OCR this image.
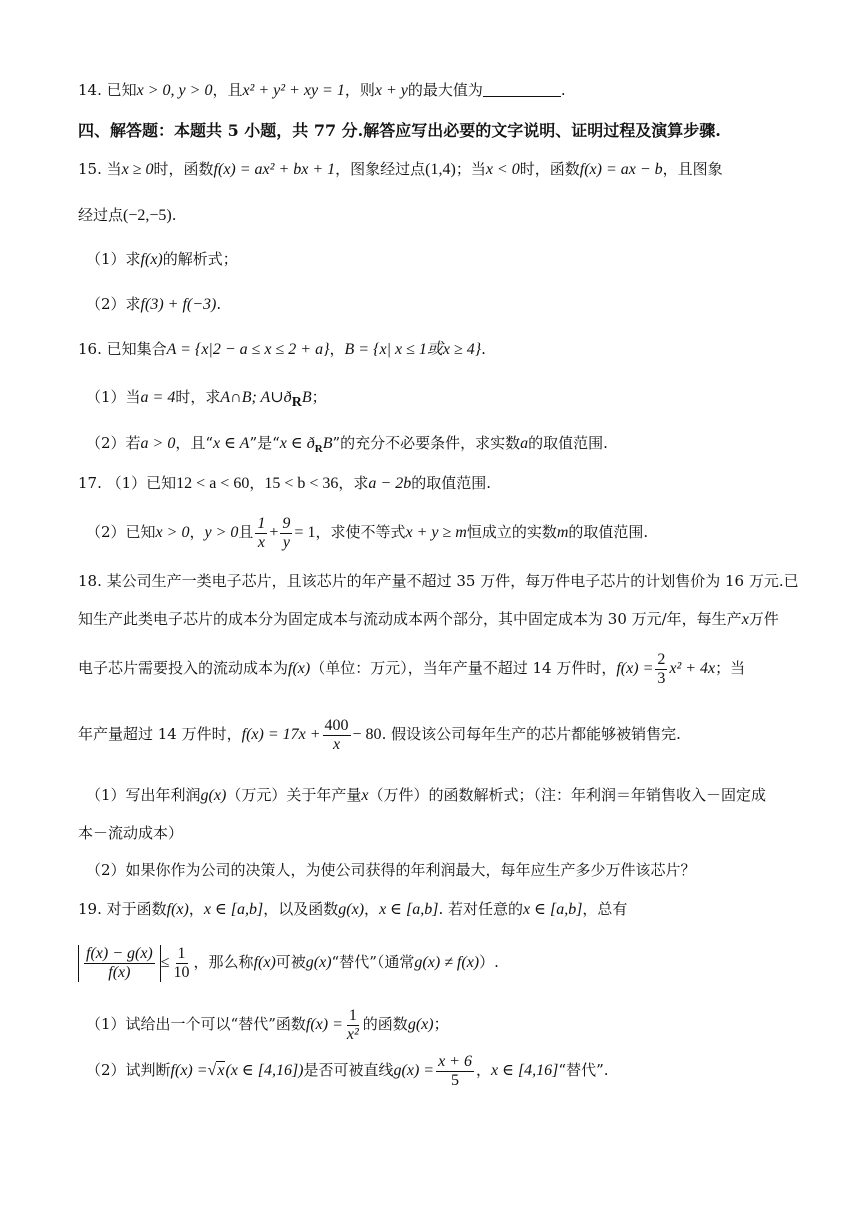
14. 已知x > 0, y > 0，且x² + y² + xy = 1，则x + y的最大值为	.
四、解答题：本题共 5 小题，共 77 分.解答应写出必要的文字说明、证明过程及演算步骤.
15. 当x ≥ 0时，函数f(x) = ax² + bx + 1，图象经过点(1,4)；当x < 0时，函数f(x) = ax − b，且图象
经过点(−2,−5).
（1）求f(x)的解析式；
（2）求f(3) + f(−3).
16. 已知集合A = {x|2 − a ≤ x ≤ 2 + a}，B = {x| x ≤ 1或x ≥ 4}.
（1）当a = 4时，求A∩B; $A\cup ð_RB$；
（2）若a > 0，且“x ∈ A”是“x ∈ $ð_RB$”的充分不必要条件，求实数a的取值范围.
17. （1）已知12 < a < 60，15 < b < 36，求a − 2b的取值范围.
（2）已知x > 0，y > 0且 $\frac{1}{x} + \frac{9}{y} = 1$，求使不等式x + y ≥ m恒成立的实数m的取值范围.
18. 某公司生产一类电子芯片，且该芯片的年产量不超过 35 万件，每万件电子芯片的计划售价为 16 万元.已
知生产此类电子芯片的成本分为固定成本与流动成本两个部分，其中固定成本为 30 万元/年，每生产x万件
电子芯片需要投入的流动成本为f(x)（单位：万元），当年产量不超过 14 万件时，$f(x) = \frac{2}{3} x^2 + 4x$；当
年产量超过 14 万件时，$f(x) = 17x + \frac{400}{x} - 80$. 假设该公司每年生产的芯片都能够被销售完.
（1）写出年利润g(x)（万元）关于年产量x（万件）的函数解析式；（注：年利润＝年销售收入－固定成
本－流动成本）
（2）如果你作为公司的决策人，为使公司获得的年利润最大，每年应生产多少万件该芯片？
19. 对于函数f(x)，x ∈ [a,b]，以及函数g(x)，x ∈ [a,b]. 若对任意的x ∈ [a,b]，总有
$\frac{f(x) - g(x)}{f(x)} \le \frac{1}{10}$ ，那么称f(x)可被g(x)“替代”（通常g(x) ≠ f(x)）.
（1）试给出一个可以“替代”函数$f(x) = \frac{1}{\text{x²}}$ 的函数g(x)；
（2）试判断f(x) =√x(x ∈ [4,16])是否可被直线$g(x) = \frac{x + 6}{5}$ ，x ∈ [4,16]“替代”.
